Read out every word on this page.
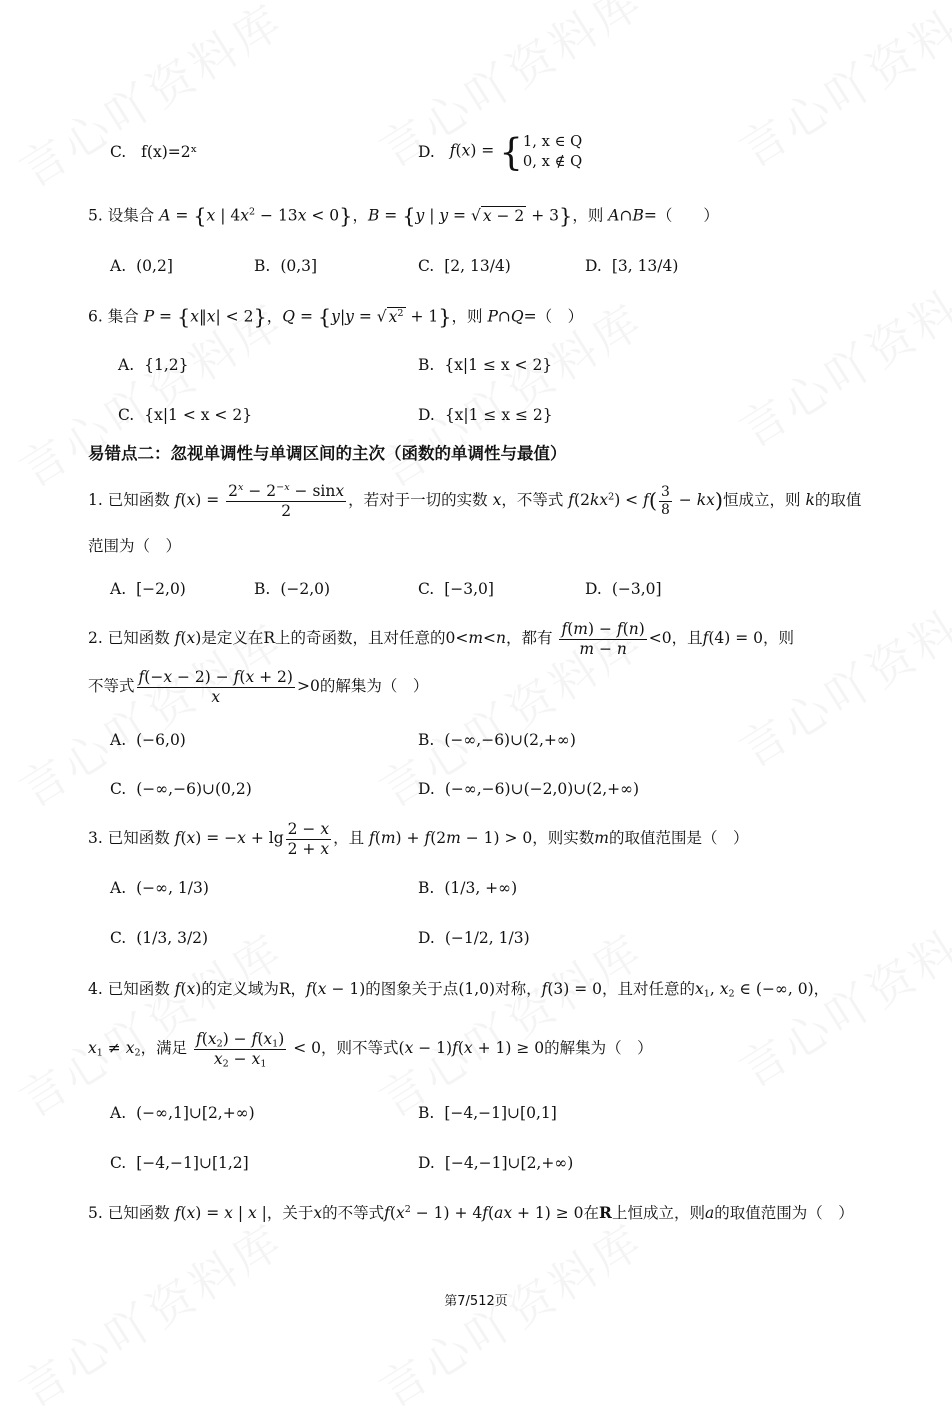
C. f(x)=2ˣ	D. f(x) = {1, x ∈ Q
0, x ∉ Q
5. 设集合 A = {x | $4x^2 - 13x < 0$}，B = {y | y = √ x − 2 + 3}，则 A∩B=（　　）
A. (0,2]	B. (0,3]	C. [2, 13/4)	D. [3, 13/4)
6. 集合 P = {x‖x| < 2}，Q = {y|y = √ $x^2 + 1$}，则 P∩Q=（　）
A. {1,2}	B. {x|1 ≤ x < 2}
C. {x|1 < x < 2}	D. {x|1 ≤ x ≤ 2}
易错点二：忽视单调性与单调区间的主次（函数的单调性与最值）
1. 已知函数 $f(x) = \frac{2^x - 2^{-x} - \sin x}{2}$ ，若对于一切的实数 x，不等式 $f(2kx^2) < f( \frac{3}{8} - kx)$恒成立，则 k的取值
范围为（　）
A. [−2,0)	B. (−2,0)	C. [−3,0]	D. (−3,0]
2. 已知函数 f(x)是定义在R上的奇函数，且对任意的0<m<n，都有 $\frac{f(m) - f(n)}{m - n} <0$，且f(4) = 0，则
不等式 $\frac{f(-x - 2) - f(x + 2)}{x} >0$的解集为（　）
A. (−6,0)	B. (−∞,−6)∪(2,+∞)
C. (−∞,−6)∪(0,2)	D. (−∞,−6)∪(−2,0)∪(2,+∞)
3. 已知函数 $f(x) = -x + \lg \frac{2 - x}{2 + x}$ ，且 f(m) + f(2m − 1) > 0，则实数m的取值范围是（　）
A. (−∞, 1/3)	B. (1/3, +∞)
C. (1/3, 3/2)	D. (−1/2, 1/3)
4. 已知函数 f(x)的定义域为R，f(x − 1)的图象关于点(1,0)对称，f(3) = 0，且对任意的$x_1$, $x_2$ ∈ (−∞, 0)，
$x_1 \ne x_2$，满足 $\frac{f(x_2) - f(x_1)}{x_2 - x_1} < 0$，则不等式(x − 1)f(x + 1) ≥ 0的解集为（　）
A. (−∞,1]∪[2,+∞)	B. [−4,−1]∪[0,1]
C. [−4,−1]∪[1,2]	D. [−4,−1]∪[2,+∞)
5. 已知函数 f(x) = x | x |，关于x的不等式$f(x^2 - 1) + 4f(ax + 1) \ge 0$在R上恒成立，则a的取值范围为（　）
第7/512页
